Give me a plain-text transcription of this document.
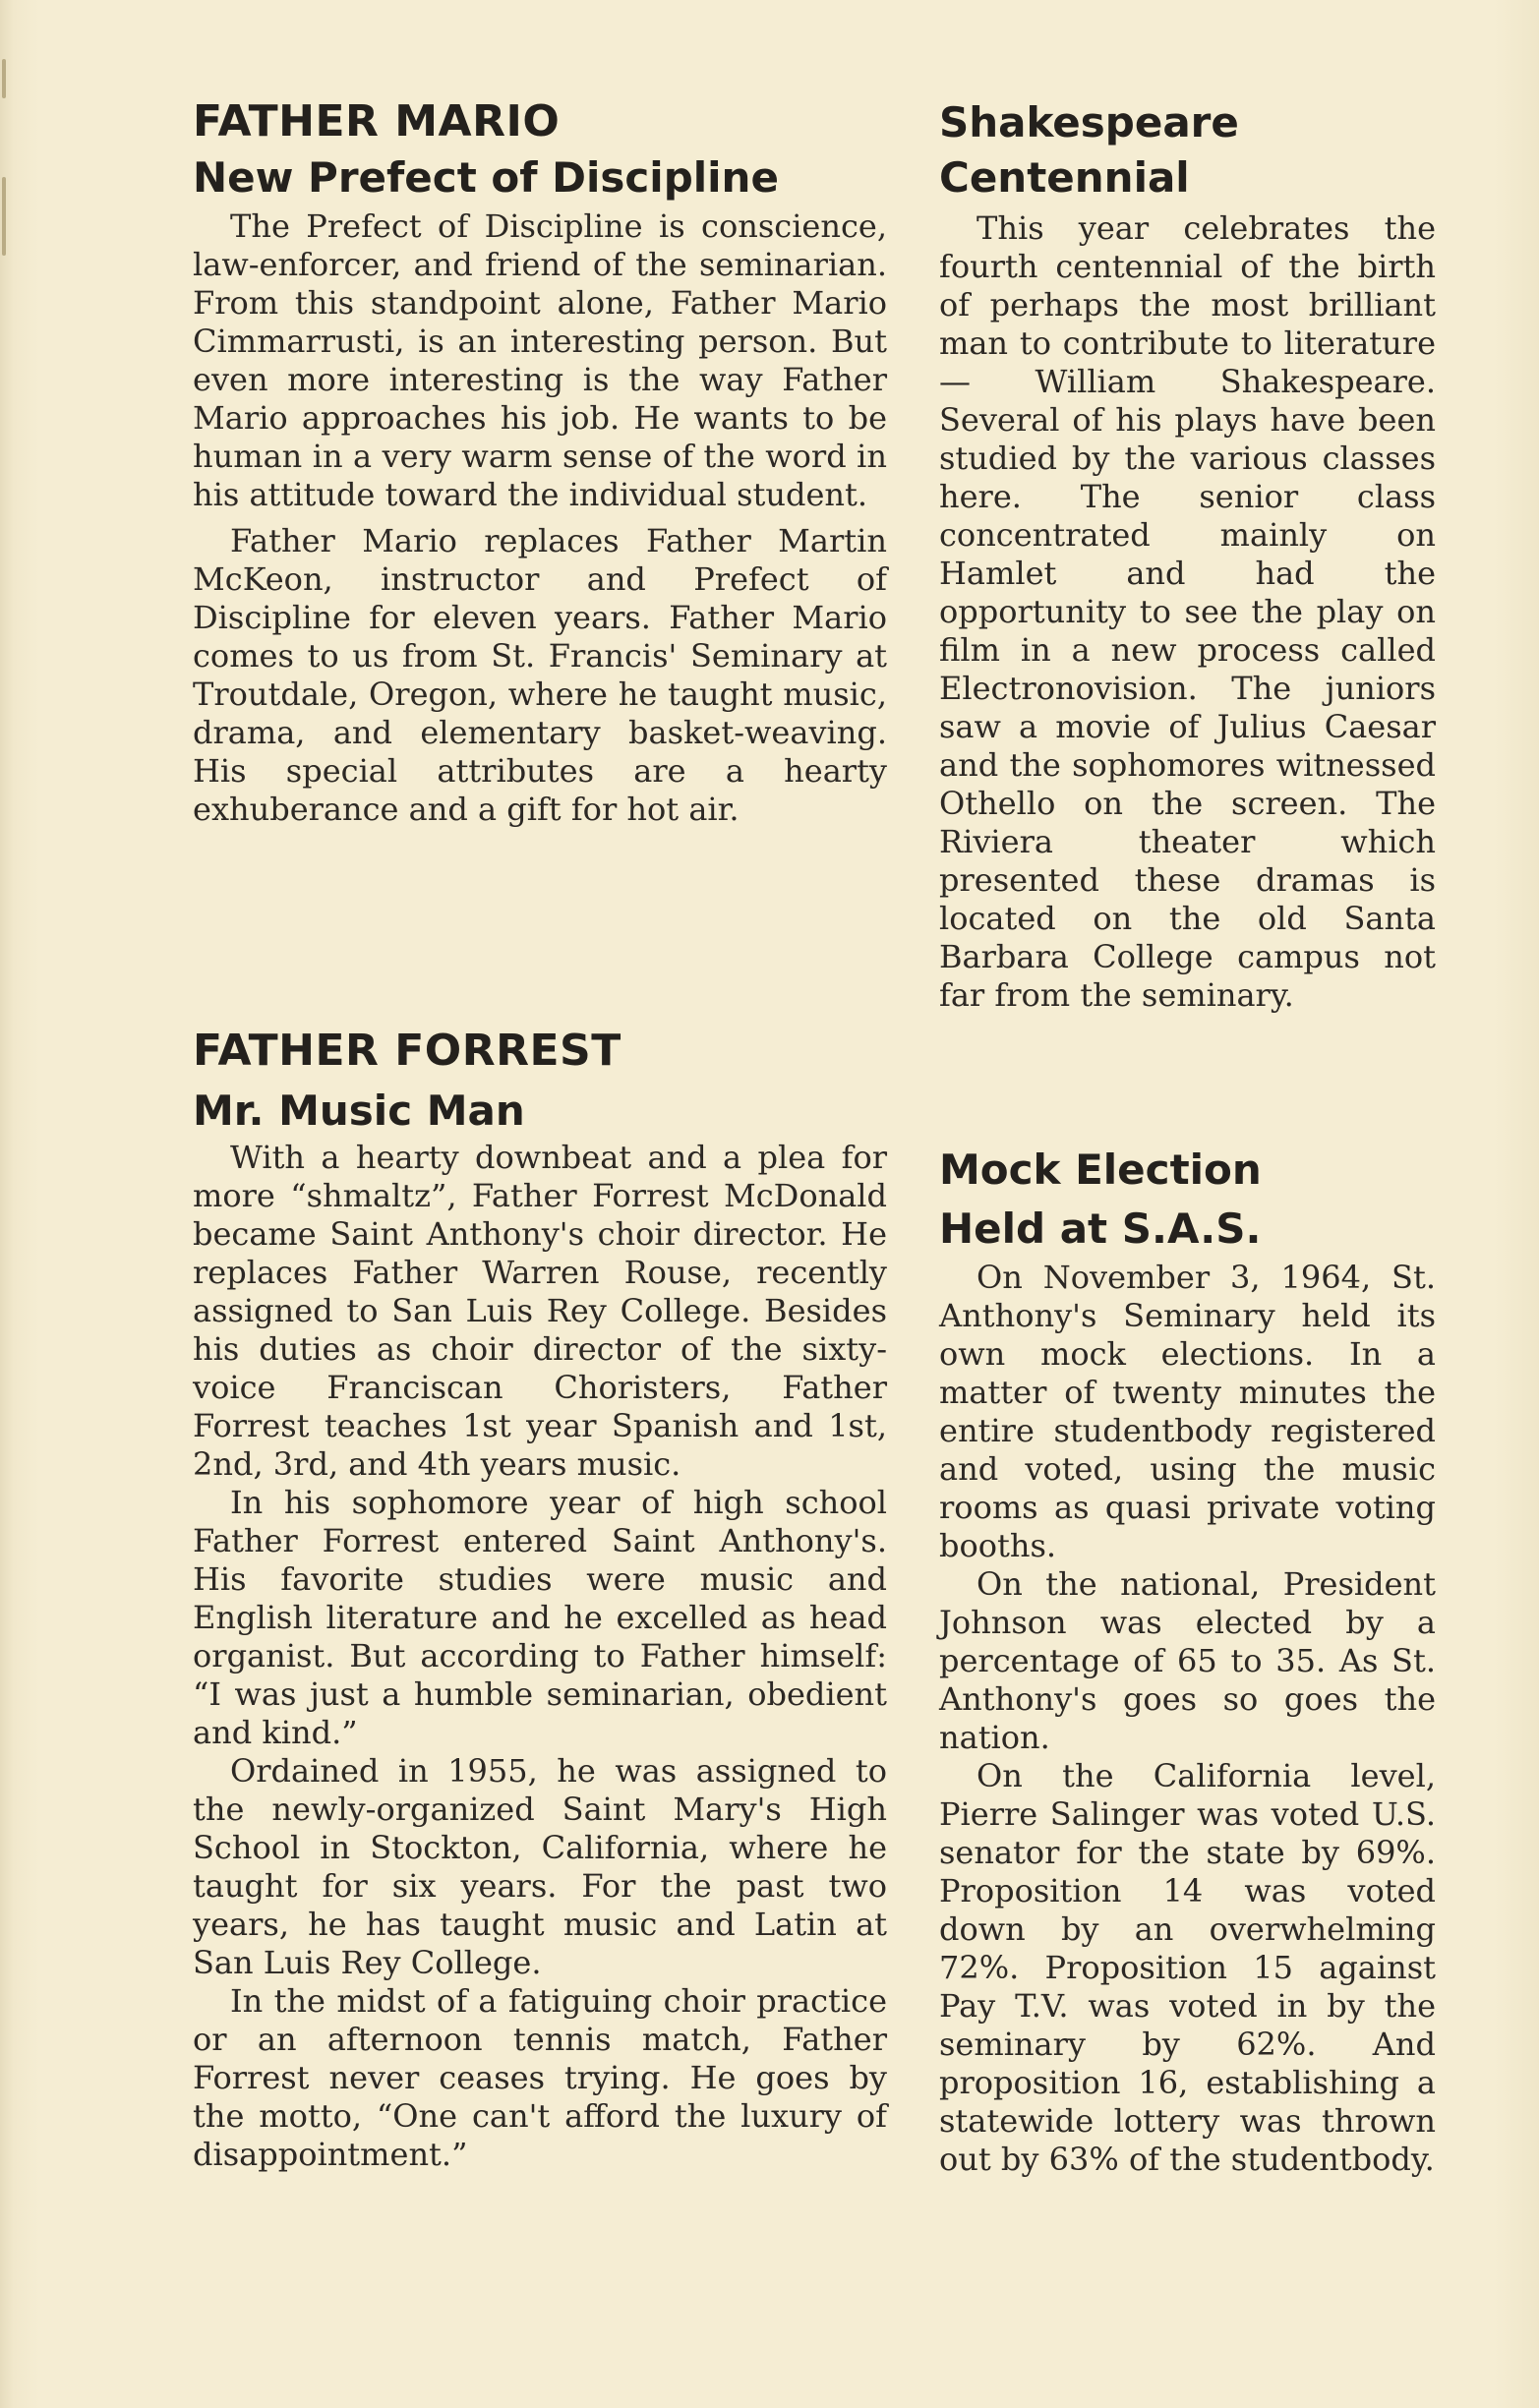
FATHER MARIO
New Prefect of Discipline

The Prefect of Discipline is conscience, law-enforcer, and friend of the seminarian. From this standpoint alone, Father Mario Cimmarrusti, is an interesting person. But even more interesting is the way Father Mario approaches his job. He wants to be human in a very warm sense of the word in his attitude toward the individual student.

Father Mario replaces Father Martin McKeon, instructor and Prefect of Discipline for eleven years. Father Mario comes to us from St. Francis' Seminary at Troutdale, Oregon, where he taught music, drama, and elementary basket-weaving. His special attributes are a hearty exhuberance and a gift for hot air.

FATHER FORREST
Mr. Music Man

With a hearty downbeat and a plea for more “shmaltz”, Father Forrest McDonald became Saint Anthony's choir director. He replaces Father Warren Rouse, recently assigned to San Luis Rey College. Besides his duties as choir director of the sixty-voice Franciscan Choristers, Father Forrest teaches 1st year Spanish and 1st, 2nd, 3rd, and 4th years music.

In his sophomore year of high school Father Forrest entered Saint Anthony's. His favorite studies were music and English literature and he excelled as head organist. But according to Father himself: “I was just a humble seminarian, obedient and kind.”

Ordained in 1955, he was assigned to the newly-organized Saint Mary's High School in Stockton, California, where he taught for six years. For the past two years, he has taught music and Latin at San Luis Rey College.

In the midst of a fatiguing choir practice or an afternoon tennis match, Father Forrest never ceases trying. He goes by the motto, “One can't afford the luxury of disappointment.”

Shakespeare
Centennial

This year celebrates the fourth centennial of the birth of perhaps the most brilliant man to contribute to literature — William Shakespeare. Several of his plays have been studied by the various classes here. The senior class concentrated mainly on Hamlet and had the opportunity to see the play on film in a new process called Electronovision. The juniors saw a movie of Julius Caesar and the sophomores witnessed Othello on the screen. The Riviera theater which presented these dramas is located on the old Santa Barbara College campus not far from the seminary.

Mock Election
Held at S.A.S.

On November 3, 1964, St. Anthony's Seminary held its own mock elections. In a matter of twenty minutes the entire studentbody registered and voted, using the music rooms as quasi private voting booths.

On the national, President Johnson was elected by a percentage of 65 to 35. As St. Anthony's goes so goes the nation.

On the California level, Pierre Salinger was voted U.S. senator for the state by 69%. Proposition 14 was voted down by an overwhelming 72%. Proposition 15 against Pay T.V. was voted in by the seminary by 62%. And proposition 16, establishing a statewide lottery was thrown out by 63% of the studentbody.
